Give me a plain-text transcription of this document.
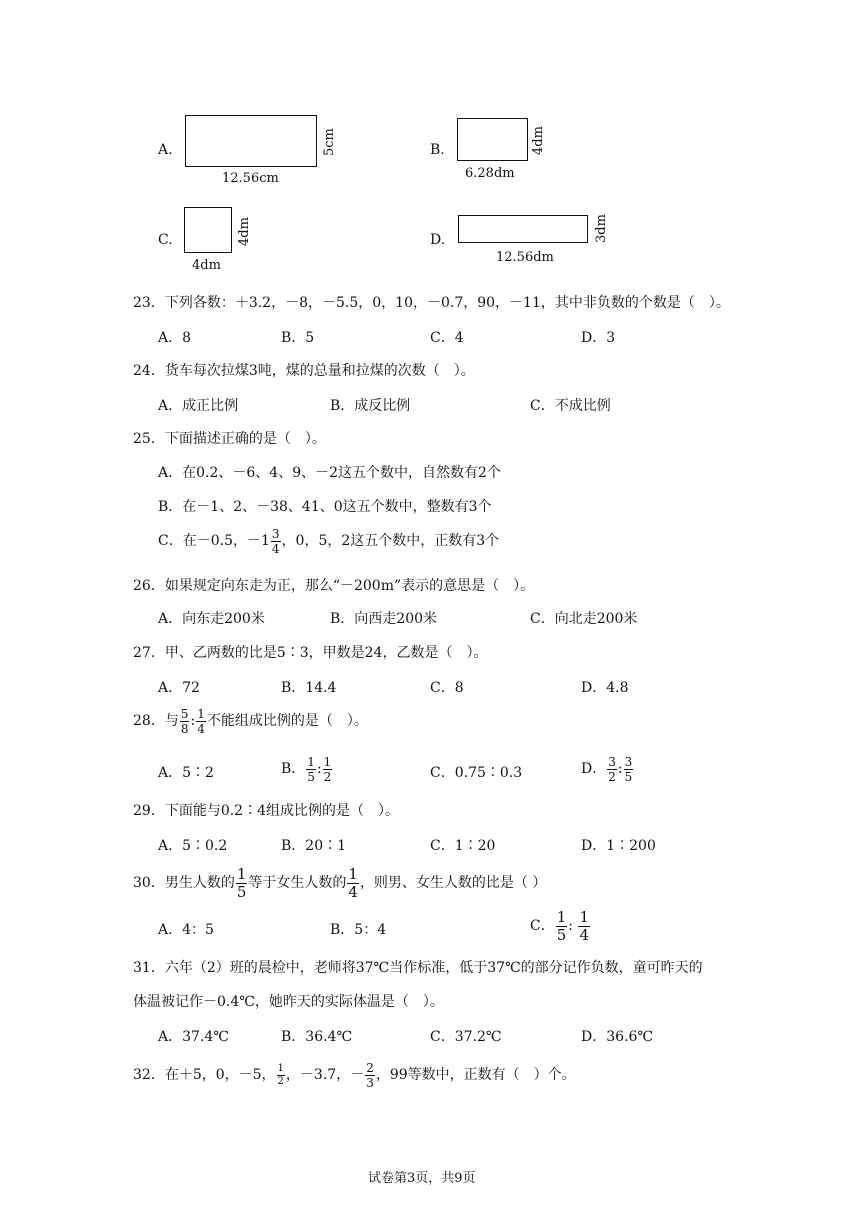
A.
12.56cm
5cm	B.
6.28dm
4dm
C.
4dm
4dm	D.
12.56dm
3dm
23．下列各数：＋3.2，－8，－5.5，0，10，－0.7，90，－11，其中非负数的个数是（　）。
A．8	B．5	C．4	D．3
24．货车每次拉煤3吨，煤的总量和拉煤的次数（　）。
A．成正比例	B．成反比例	C．不成比例
25．下面描述正确的是（　）。
A．在0.2、－6、4、9、－2这五个数中，自然数有2个
B．在－1、2、－38、41、0这五个数中，整数有3个
C．在－0.5，$-1 \frac{3}{4}$ ，0，5，2这五个数中，正数有3个
26．如果规定向东走为正，那么“－200m”表示的意思是（　）。
A．向东走200米	B．向西走200米	C．向北走200米
27．甲、乙两数的比是5∶3，甲数是24，乙数是（　）。
A．72	B．14.4	C．8	D．4.8
28．与 $\frac{5}{8}$ : $\frac{1}{4}$ 不能组成比例的是（　）。
A．5∶2	B． $\frac{1}{5}$ : $\frac{1}{2}$	C．0.75∶0.3	D． $\frac{3}{2}$ : $\frac{3}{5}$
29．下面能与0.2∶4组成比例的是（　）。
A．5∶0.2	B．20∶1	C．1∶20	D．1∶200
30．男生人数的 $\frac{1}{5}$ 等于女生人数的 $\frac{1}{4}$ ，则男、女生人数的比是（ ）
A．4：5	B．5：4	C． $\frac{1}{5}$ : $\frac{1}{4}$
31．六年（2）班的晨检中，老师将37℃当作标准，低于37℃的部分记作负数，童可昨天的
体温被记作－0.4℃，她昨天的实际体温是（　）。
A．37.4℃	B．36.4℃	C．37.2℃	D．36.6℃
32．在＋5，0，－5， $\frac{1}{2}$ ，－3.7，－ $\frac{2}{3}$ ，99等数中，正数有（　）个。
试卷第3页，共9页
